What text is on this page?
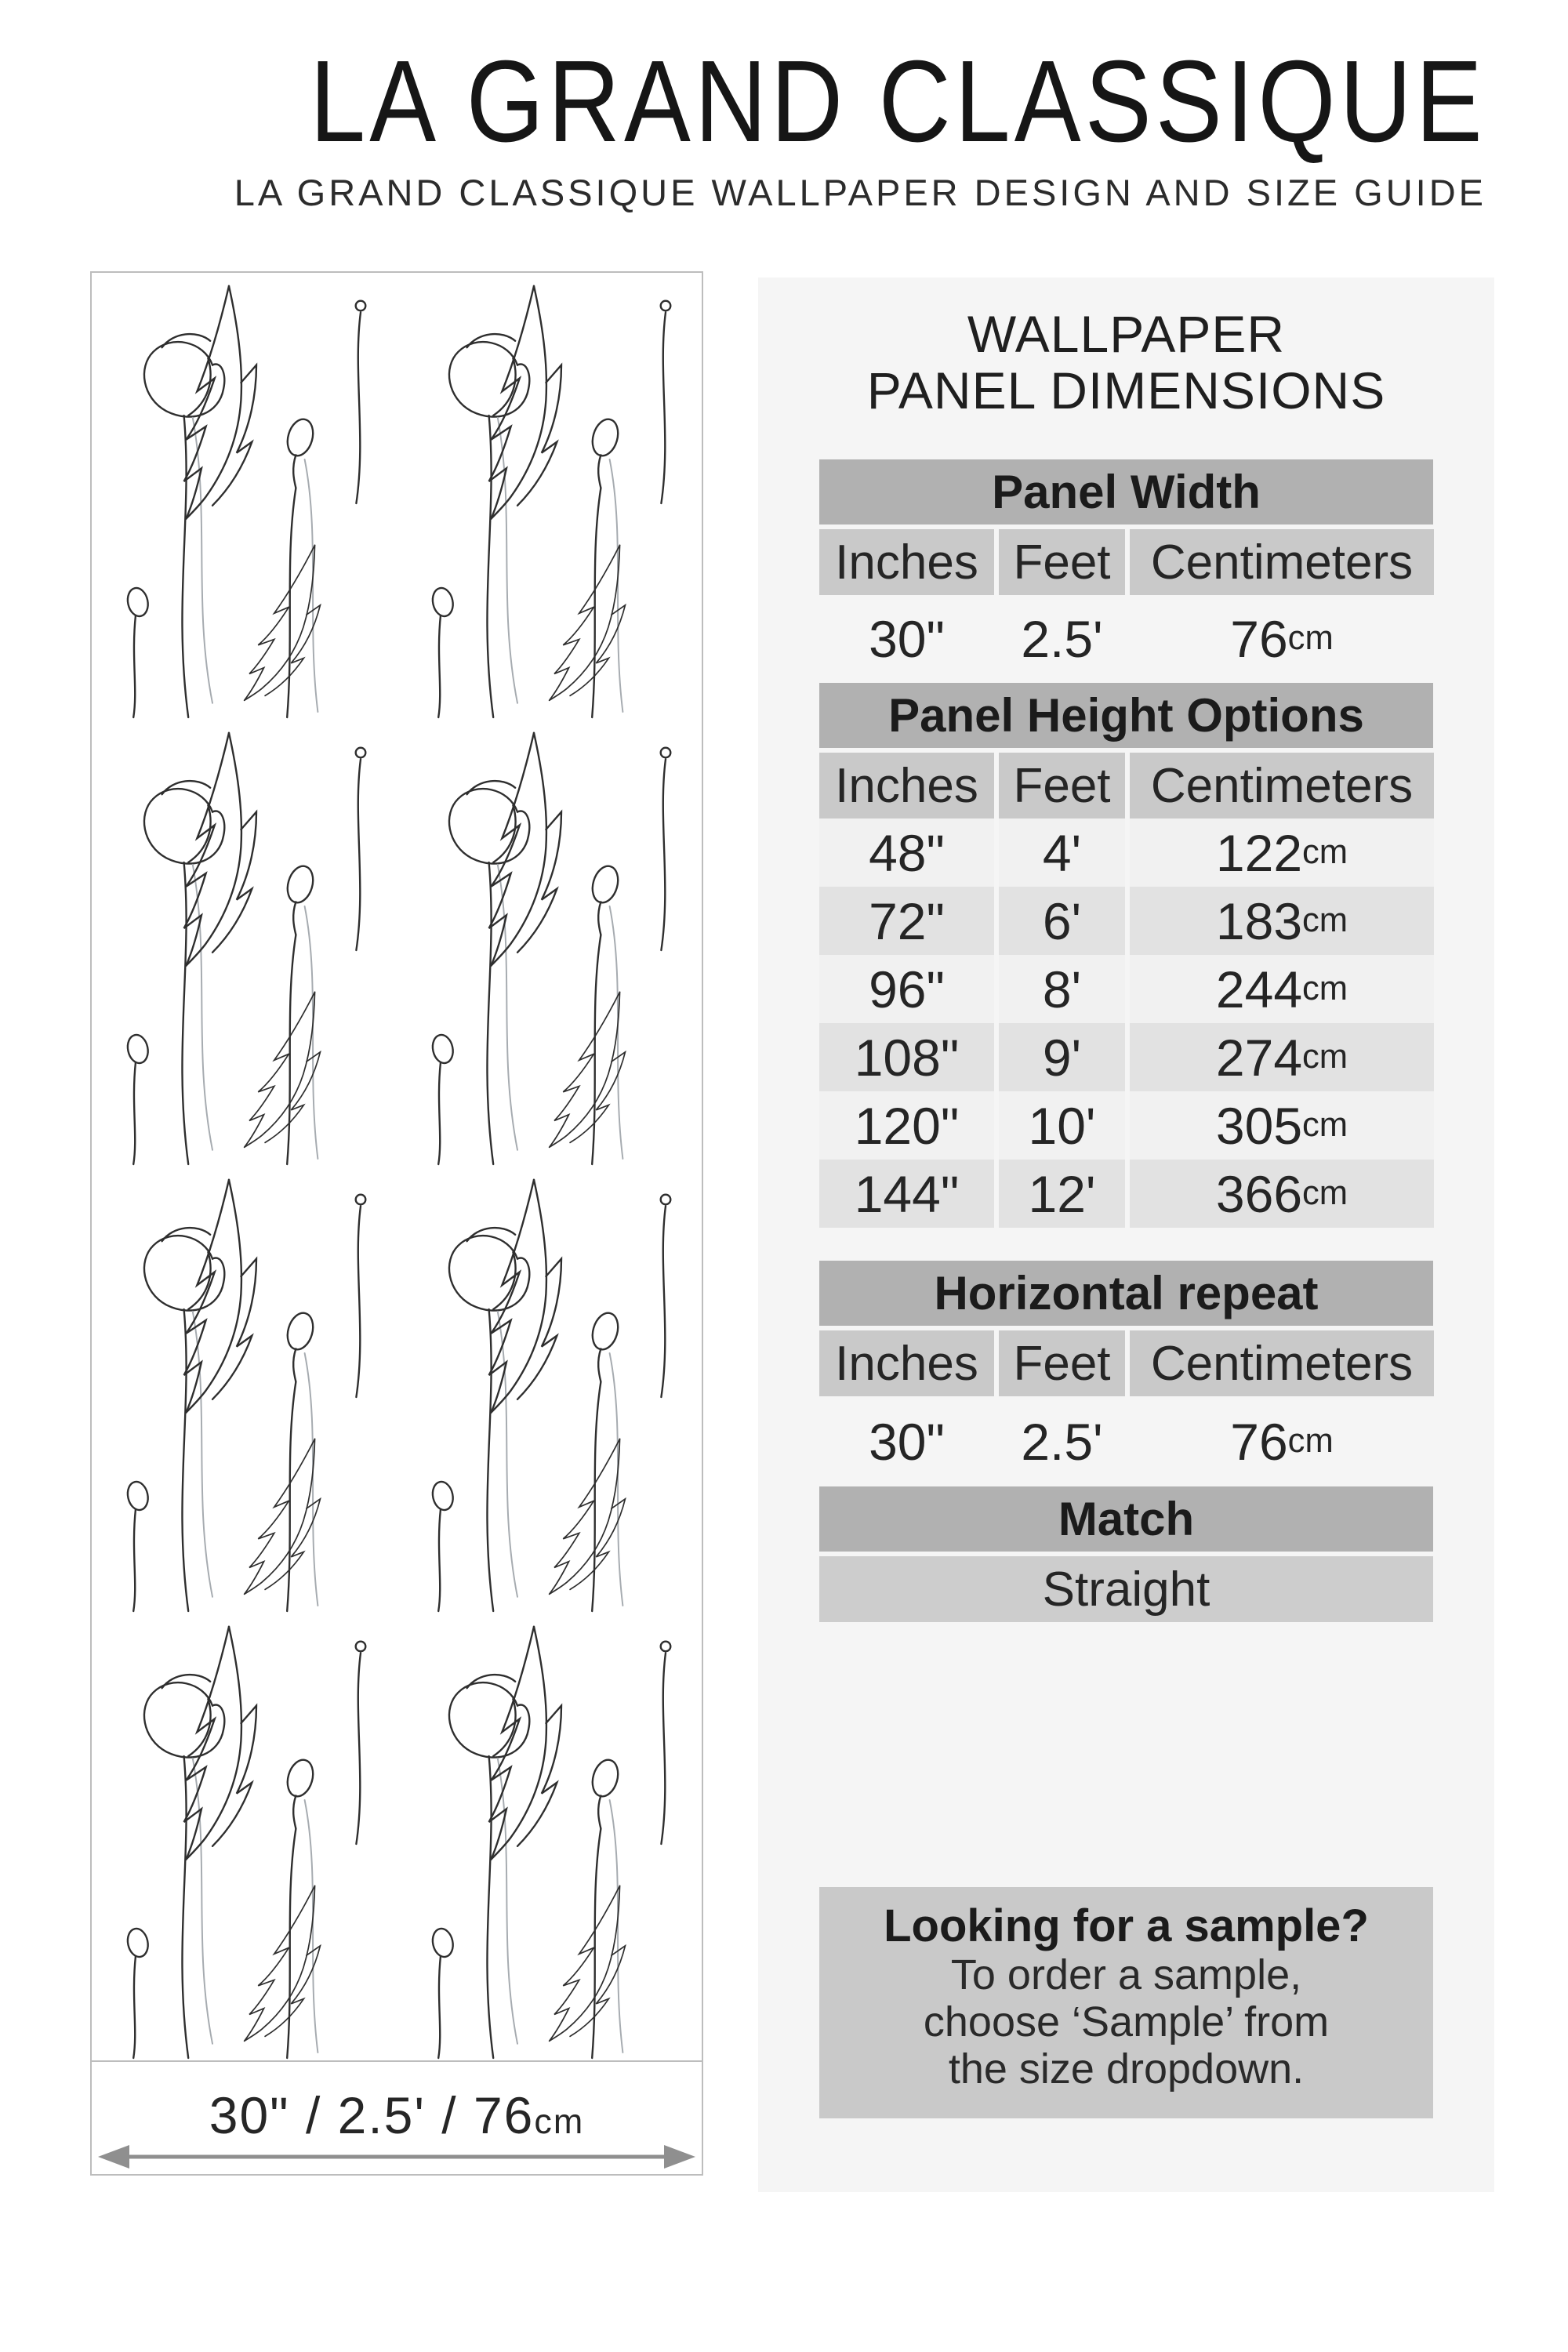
LA GRAND CLASSIQUE
LA GRAND CLASSIQUE WALLPAPER DESIGN AND SIZE GUIDE
30" / 2.5' / 76cm
WALLPAPER
PANEL DIMENSIONS
Panel Width
Inches Feet Centimeters
30"	2.5'	76 cm
Panel Height Options
Inches Feet Centimeters
48"	4'	122 cm
72"	6'	183 cm
96"	8'	244 cm
108"	9'	274 cm
120"	10'	305 cm
144"	12'	366 cm
Horizontal repeat
Inches Feet Centimeters
30"	2.5'	76 cm
Match
Straight
Looking for a sample?
To order a sample,
choose ‘Sample’ from
the size dropdown.
